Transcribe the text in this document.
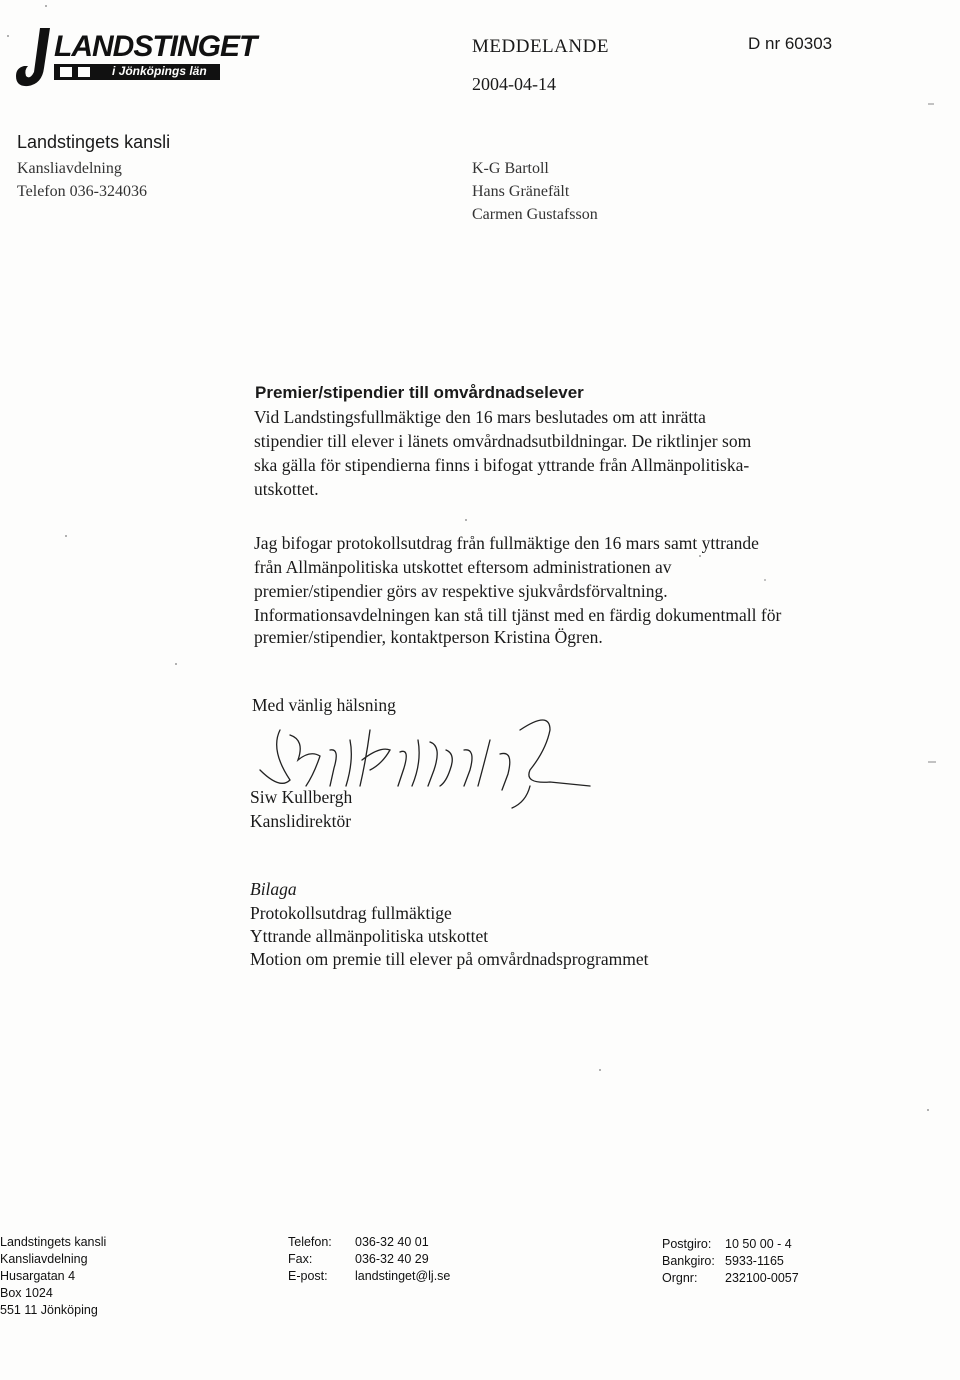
LANDSTINGET
i Jönköpings län
MEDDELANDE	D nr 60303
2004-04-14
Landstingets kansli
Kansliavdelning
Telefon 036-324036
K-G Bartoll
Hans Gränefält
Carmen Gustafsson
Premier/stipendier till omvårdnadselever
Vid Landstingsfullmäktige den 16 mars beslutades om att inrätta
stipendier till elever i länets omvårdnadsutbildningar. De riktlinjer som
ska gälla för stipendierna finns i bifogat yttrande från Allmänpolitiska-
utskottet.
Jag bifogar protokollsutdrag från fullmäktige den 16 mars samt yttrande
från Allmänpolitiska utskottet eftersom administrationen av
premier/stipendier görs av respektive sjukvårdsförvaltning.
Informationsavdelningen kan stå till tjänst med en färdig dokumentmall för
premier/stipendier, kontaktperson Kristina Ögren.
Med vänlig hälsning
Siw Kullbergh
Kanslidirektör
Bilaga
Protokollsutdrag fullmäktige
Yttrande allmänpolitiska utskottet
Motion om premie till elever på omvårdnadsprogrammet
Landstingets kansli
Kansliavdelning
Husargatan 4
Box 1024
551 11 Jönköping
Telefon:
Fax:
E-post:
036-32 40 01
036-32 40 29
landstinget@lj.se
Postgiro:
Bankgiro:
Orgnr:
10 50 00 - 4
5933-1165
232100-0057
